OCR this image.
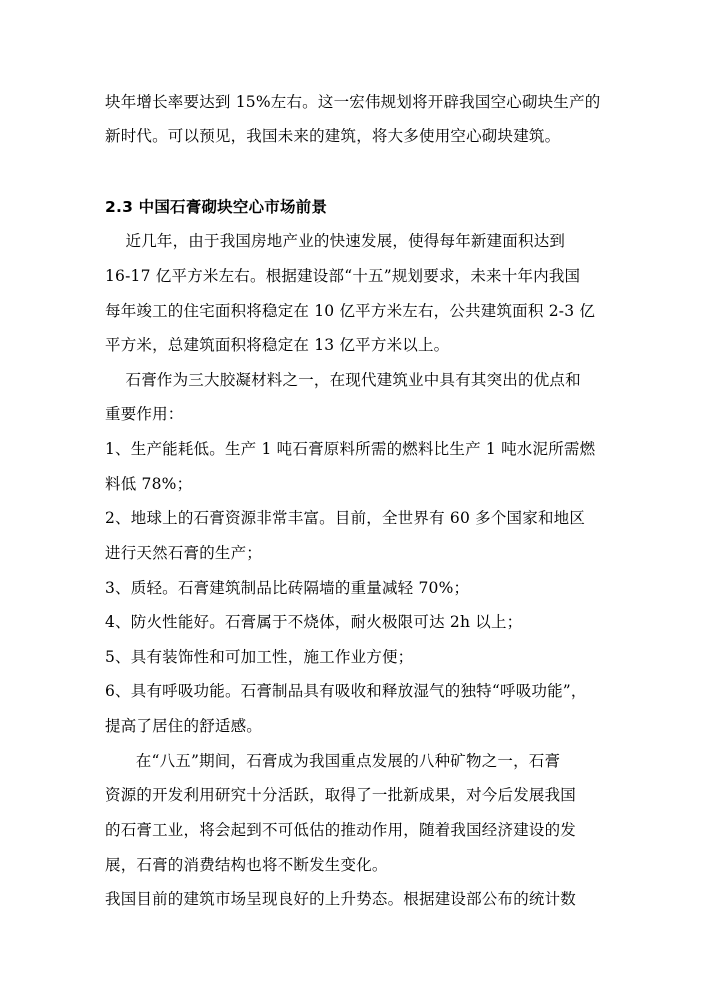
块年增长率要达到 15%左右。这一宏伟规划将开辟我国空心砌块生产的
新时代。可以预见，我国未来的建筑，将大多使用空心砌块建筑。
2.3 中国石膏砌块空心市场前景
近几年，由于我国房地产业的快速发展，使得每年新建面积达到
16-17 亿平方米左右。根据建设部“十五”规划要求，未来十年内我国
每年竣工的住宅面积将稳定在 10 亿平方米左右，公共建筑面积 2-3 亿
平方米，总建筑面积将稳定在 13 亿平方米以上。
石膏作为三大胶凝材料之一，在现代建筑业中具有其突出的优点和
重要作用：
1、生产能耗低。生产 1 吨石膏原料所需的燃料比生产 1 吨水泥所需燃
料低 78%；
2、地球上的石膏资源非常丰富。目前，全世界有 60 多个国家和地区
进行天然石膏的生产；
3、质轻。石膏建筑制品比砖隔墙的重量减轻 70%；
4、防火性能好。石膏属于不烧体，耐火极限可达 2h 以上；
5、具有装饰性和可加工性，施工作业方便；
6、具有呼吸功能。石膏制品具有吸收和释放湿气的独特“呼吸功能”，
提高了居住的舒适感。
在“八五”期间，石膏成为我国重点发展的八种矿物之一，石膏
资源的开发利用研究十分活跃，取得了一批新成果，对今后发展我国
的石膏工业，将会起到不可低估的推动作用，随着我国经济建设的发
展，石膏的消费结构也将不断发生变化。
我国目前的建筑市场呈现良好的上升势态。根据建设部公布的统计数
